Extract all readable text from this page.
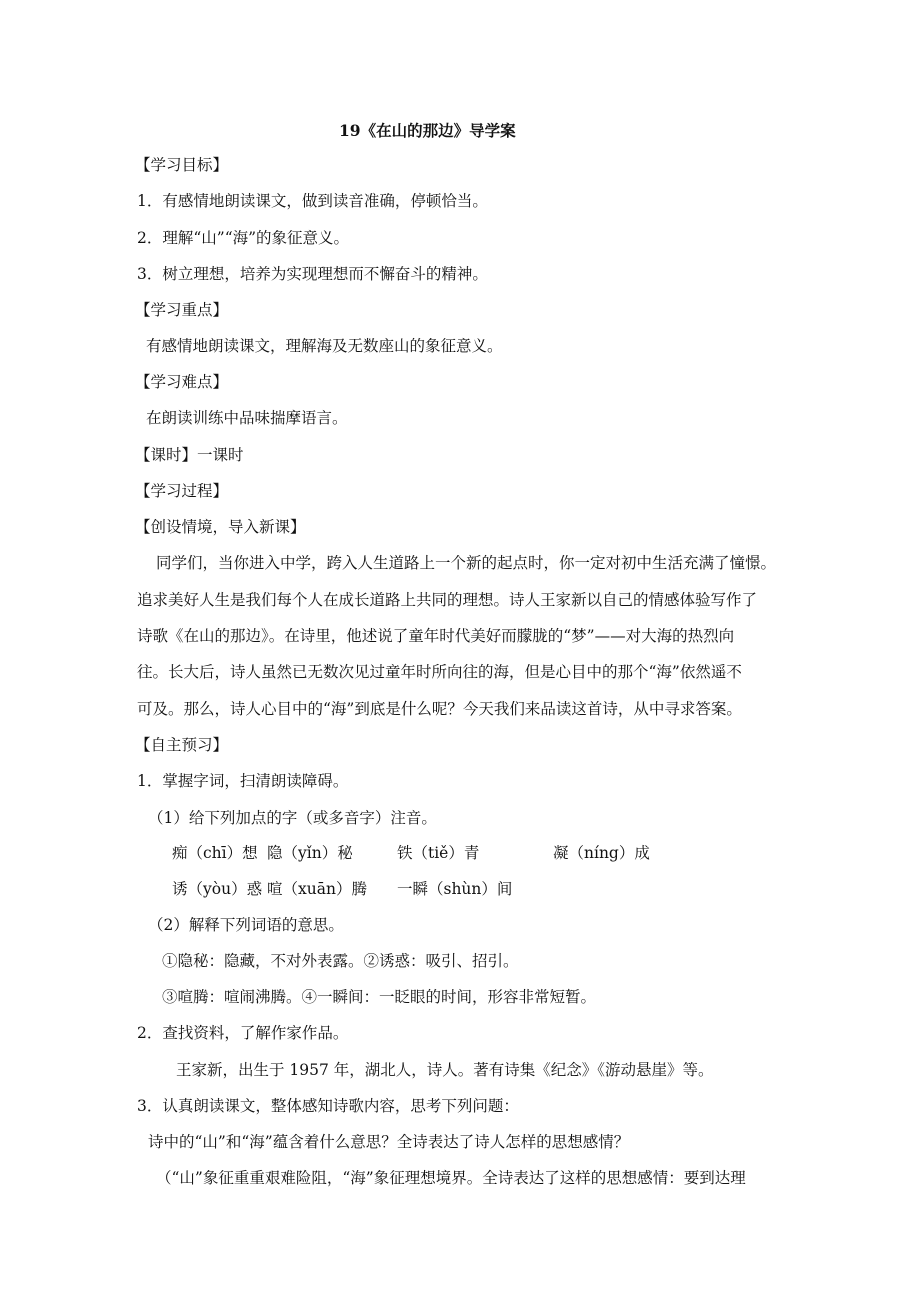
19《在山的那边》导学案
【学习目标】
1．有感情地朗读课文，做到读音准确，停顿恰当。
2．理解“山”“海”的象征意义。
3．树立理想，培养为实现理想而不懈奋斗的精神。
【学习重点】
有感情地朗读课文，理解海及无数座山的象征意义。
【学习难点】
在朗读训练中品味揣摩语言。
【课时】一课时
【学习过程】
【创设情境，导入新课】
同学们，当你进入中学，跨入人生道路上一个新的起点时，你一定对初中生活充满了憧憬。
追求美好人生是我们每个人在成长道路上共同的理想。诗人王家新以自己的情感体验写作了
诗歌《在山的那边》。在诗里，他述说了童年时代美好而朦胧的“梦”——对大海的热烈向
往。长大后，诗人虽然已无数次见过童年时所向往的海，但是心目中的那个“海”依然遥不
可及。那么，诗人心目中的“海”到底是什么呢？今天我们来品读这首诗，从中寻求答案。
【自主预习】
1．掌握字词，扫清朗读障碍。
（1）给下列加点的字（或多音字）注音。
痴（chī）想 隐（yǐn）秘	铁（tiě）青	凝（níng）成
诱（yòu）惑 喧（xuān）腾 一瞬（shùn）间
（2）解释下列词语的意思。
①隐秘：隐藏，不对外表露。②诱惑：吸引、招引。
③喧腾：喧闹沸腾。④一瞬间：一眨眼的时间，形容非常短暂。
2．查找资料，了解作家作品。
王家新，出生于 1957 年，湖北人，诗人。著有诗集《纪念》《游动悬崖》等。
3．认真朗读课文，整体感知诗歌内容，思考下列问题：
诗中的“山”和“海”蕴含着什么意思？全诗表达了诗人怎样的思想感情？
（“山”象征重重艰难险阻，“海”象征理想境界。全诗表达了这样的思想感情：要到达理
